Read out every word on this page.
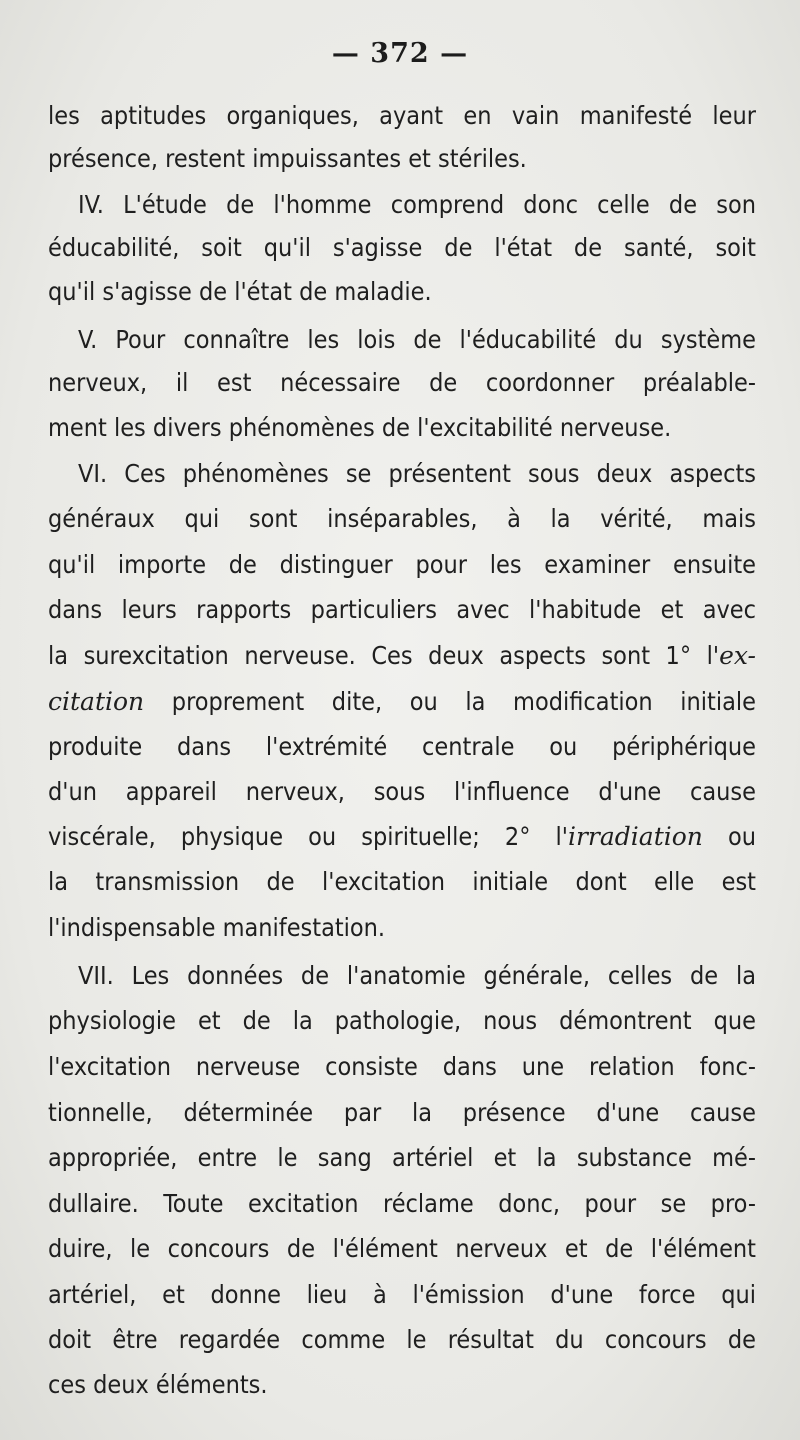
— 372 —
les aptitudes organiques, ayant en vain manifesté leur
présence, restent impuissantes et stériles.
IV. L'étude de l'homme comprend donc celle de son
éducabilité, soit qu'il s'agisse de l'état de santé, soit
qu'il s'agisse de l'état de maladie.
V. Pour connaître les lois de l'éducabilité du système
nerveux, il est nécessaire de coordonner préalable-
ment les divers phénomènes de l'excitabilité nerveuse.
VI. Ces phénomènes se présentent sous deux aspects
généraux qui sont inséparables, à la vérité, mais
qu'il importe de distinguer pour les examiner ensuite
dans leurs rapports particuliers avec l'habitude et avec
la surexcitation nerveuse. Ces deux aspects sont 1° l'ex-
citation proprement dite, ou la modification initiale
produite dans l'extrémité centrale ou périphérique
d'un appareil nerveux, sous l'influence d'une cause
viscérale, physique ou spirituelle; 2° l'irradiation ou
la transmission de l'excitation initiale dont elle est
l'indispensable manifestation.
VII. Les données de l'anatomie générale, celles de la
physiologie et de la pathologie, nous démontrent que
l'excitation nerveuse consiste dans une relation fonc-
tionnelle, déterminée par la présence d'une cause
appropriée, entre le sang artériel et la substance mé-
dullaire. Toute excitation réclame donc, pour se pro-
duire, le concours de l'élément nerveux et de l'élément
artériel, et donne lieu à l'émission d'une force qui
doit être regardée comme le résultat du concours de
ces deux éléments.
